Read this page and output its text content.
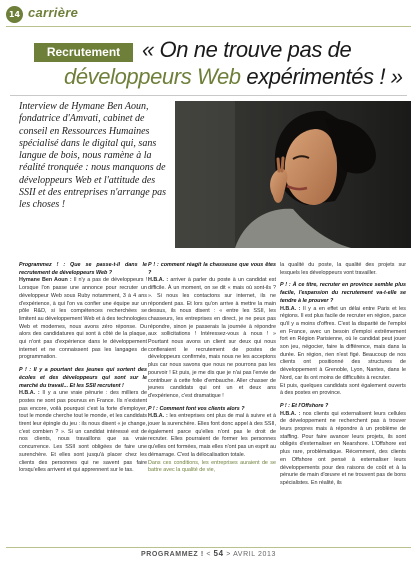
14 carrière
Recrutement « On ne trouve pas de
développeurs Web expérimentés ! »
Interview de Hymane Ben Aoun, fondatrice d'Amvati, cabinet de conseil en Ressources Humaines spécialisé dans le digital qui, sans langue de bois, nous ramène à la réalité tronquée : nous manquons de développeurs Web et l'attitude des SSII et des entreprises n'arrange pas les choses !

Programmez ! : Que se passe-t-il dans le recrutement de développeurs Web ?

Hymane Ben Aoun : Il n'y a pas de développeurs ! Lorsque l'on passe une annonce pour recruter un développeur Web sous Ruby notamment, 3 à 4 ans d'expérience, à qui l'on va confier une équipe sur un pôle R&D, si les compétences recherchées se limitent au développement Web et à des technologies Web et modernes, nous avons zéro réponse. Ou alors des candidatures qui sont à côté de la plaque, qui n'ont pas d'expérience dans le développement internet et ne connaissent pas les langages de programmation.

P ! : Il y a pourtant des jeunes qui sortent des écoles et des développeurs qui sont sur le marché du travail... Et les SSII recrutent !

H.B.A. : Il y a une vraie pénurie : des milliers de postes ne sont pas pourvus en France. Ils n'existent pas encore, voilà pourquoi c'est la forte d'employer, tout le monde cherche tout le monde, et les candidats tirent leur épingle du jeu : ils nous disent « je change, c'est combien ? ». Si un candidat intéressé est de nos clients, nous travaillons que sa vraie concurrence. Les SSII sont obligées de faire une surenchère. Et elles sont jusqu'à placer chez les clients des personnes qui ne savent pas faire lorsqu'elles arrivent et qui apprennent sur le tas.

P ! : comment réagit la chasseuse que vous êtes ?

H.B.A. : arriver à parler du poste à un candidat est difficile. À un moment, on se dit « mais où sont-ils ? ». Si nous les contactons sur internet, ils ne répondent pas. Et lors qu'on arrive à mettre la main dessus, ils nous disent : « entre les SSII, les chasseurs, les entreprises en direct, je ne peux pas répondre, sinon je passerais la journée à répondre aux sollicitations ! Intéressez-vous à nous ! » Pourtant nous avons un client sur deux qui nous confieraient le recrutement de postes de développeurs confirmés, mais nous ne les acceptons plus car nous savons que nous ne pourrons pas les pourvoir ! Et puis, je me dis que je n'ai pas l'envie de contribuer à cette folie d'embauche. Aller chasser de jeunes candidats qui ont un et deux ans d'expérience, c'est dramatique !

P ! : Comment font vos clients alors ?

H.B.A. : les entreprises ont plus de mal à suivre et à jouer la surenchère. Elles font donc appel à des SSII, également parce qu'elles n'ont pas le droit de recruter. Elles pourraient de former les personnes qu'elles ont formées, mais elles n'ont pas un esprit au démarrage. C'est la délocalisation totale.

Dans ces conditions, les entreprises auraient de se battre avec la qualité de vie,

la qualité du poste, la qualité des projets sur lesquels les développeurs vont travailler.

P ! : À ce titre, recruter en province semble plus facile, l'expansion du recrutement va-t-elle se tendre à le prouver ?

H.B.A. : Il y a en effet un délai entre Paris et les régions. Il est plus facile de recruter en région, parce qu'il y a moins d'offres. C'est la disparité de l'emploi en France, avec un besoin d'emploi extrêmement fort en Région Parisienne, où le candidat peut jouer son jeu, négocier, faire la différence, mais dans la durée. En région, rien n'est figé. Beaucoup de nos clients ont positionné des structures de développement à Grenoble, Lyon, Nantes, dans le Nord, car ils ont moins de difficultés à recruter.

Et puis, quelques candidats sont également ouverts à des postes en province.

P ! : Et l'Offshore ?

H.B.A. : nos clients qui externalisent leurs cellules de développement ne recherchent pas à trouver leurs propres mais à répondre à un problème de staffing. Pour faire avancer leurs projets, ils sont obligés d'externaliser en Nearshore. L'Offshore est plus rare, problématique. Récemment, des clients en Offshore ont pensé à externaliser leurs développements pour des raisons de coût et à la pénurie de main d'œuvre et ne trouvent pas de bons spécialistes. En réalité, ils

PROGRAMMEZ ! < 54 > AVRIL 2013
